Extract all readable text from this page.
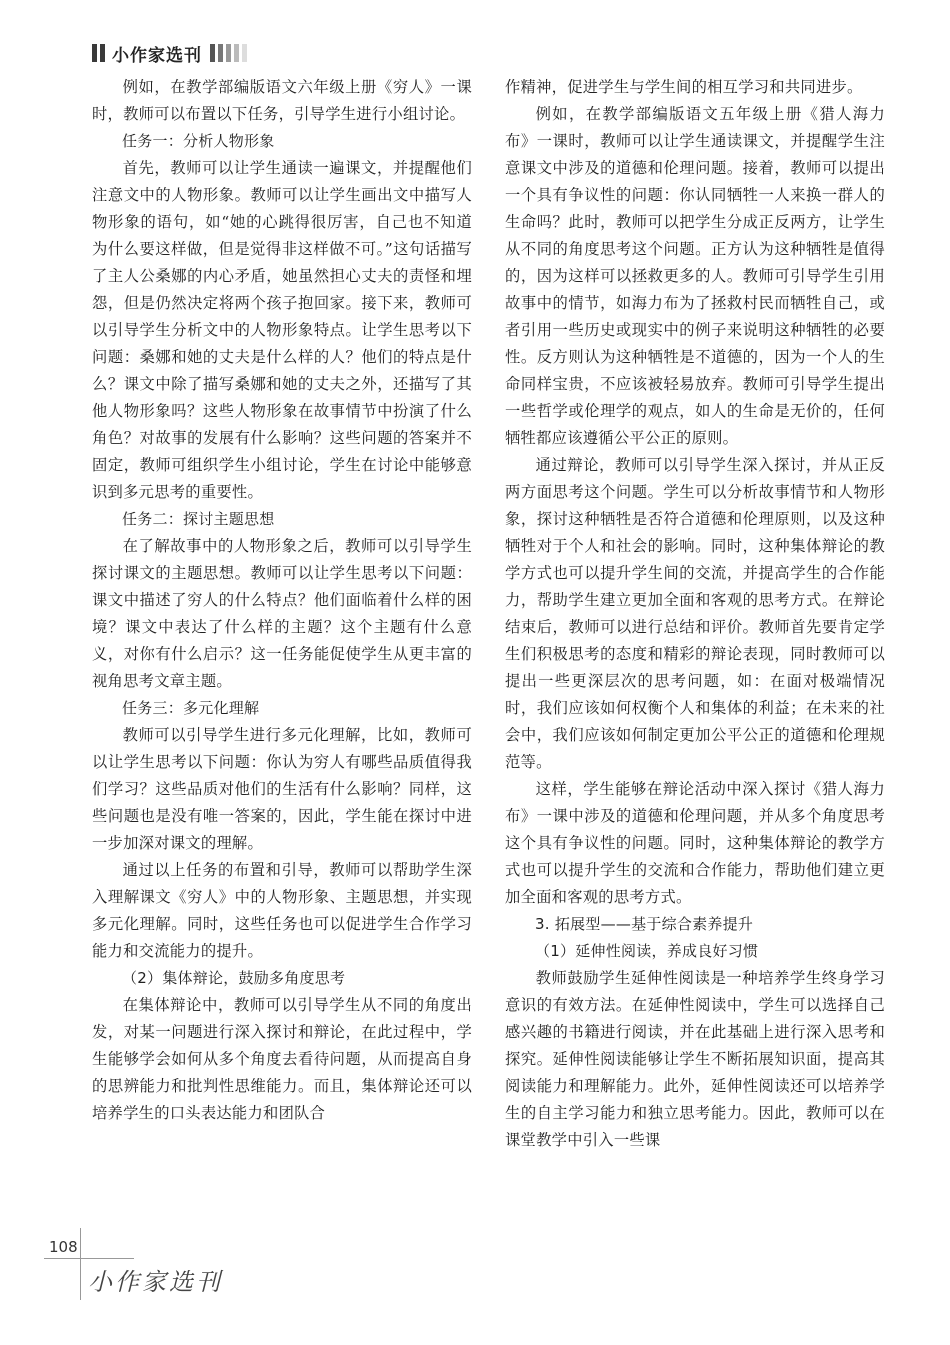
小作家选刊

例如，在教学部编版语文六年级上册《穷人》一课时，教师可以布置以下任务，引导学生进行小组讨论。

任务一：分析人物形象

首先，教师可以让学生通读一遍课文，并提醒他们注意文中的人物形象。教师可以让学生画出文中描写人物形象的语句，如“她的心跳得很厉害，自己也不知道为什么要这样做，但是觉得非这样做不可。”这句话描写了主人公桑娜的内心矛盾，她虽然担心丈夫的责怪和埋怨，但是仍然决定将两个孩子抱回家。接下来，教师可以引导学生分析文中的人物形象特点。让学生思考以下问题：桑娜和她的丈夫是什么样的人？他们的特点是什么？课文中除了描写桑娜和她的丈夫之外，还描写了其他人物形象吗？这些人物形象在故事情节中扮演了什么角色？对故事的发展有什么影响？这些问题的答案并不固定，教师可组织学生小组讨论，学生在讨论中能够意识到多元思考的重要性。

任务二：探讨主题思想

在了解故事中的人物形象之后，教师可以引导学生探讨课文的主题思想。教师可以让学生思考以下问题：课文中描述了穷人的什么特点？他们面临着什么样的困境？课文中表达了什么样的主题？这个主题有什么意义，对你有什么启示？这一任务能促使学生从更丰富的视角思考文章主题。

任务三：多元化理解

教师可以引导学生进行多元化理解，比如，教师可以让学生思考以下问题：你认为穷人有哪些品质值得我们学习？这些品质对他们的生活有什么影响？同样，这些问题也是没有唯一答案的，因此，学生能在探讨中进一步加深对课文的理解。

通过以上任务的布置和引导，教师可以帮助学生深入理解课文《穷人》中的人物形象、主题思想，并实现多元化理解。同时，这些任务也可以促进学生合作学习能力和交流能力的提升。

（2）集体辩论，鼓励多角度思考

在集体辩论中，教师可以引导学生从不同的角度出发，对某一问题进行深入探讨和辩论，在此过程中，学生能够学会如何从多个角度去看待问题，从而提高自身的思辨能力和批判性思维能力。而且，集体辩论还可以培养学生的口头表达能力和团队合

作精神，促进学生与学生间的相互学习和共同进步。

例如，在教学部编版语文五年级上册《猎人海力布》一课时，教师可以让学生通读课文，并提醒学生注意课文中涉及的道德和伦理问题。接着，教师可以提出一个具有争议性的问题：你认同牺牲一人来换一群人的生命吗？此时，教师可以把学生分成正反两方，让学生从不同的角度思考这个问题。正方认为这种牺牲是值得的，因为这样可以拯救更多的人。教师可引导学生引用故事中的情节，如海力布为了拯救村民而牺牲自己，或者引用一些历史或现实中的例子来说明这种牺牲的必要性。反方则认为这种牺牲是不道德的，因为一个人的生命同样宝贵，不应该被轻易放弃。教师可引导学生提出一些哲学或伦理学的观点，如人的生命是无价的，任何牺牲都应该遵循公平公正的原则。

通过辩论，教师可以引导学生深入探讨，并从正反两方面思考这个问题。学生可以分析故事情节和人物形象，探讨这种牺牲是否符合道德和伦理原则，以及这种牺牲对于个人和社会的影响。同时，这种集体辩论的教学方式也可以提升学生间的交流，并提高学生的合作能力，帮助学生建立更加全面和客观的思考方式。在辩论结束后，教师可以进行总结和评价。教师首先要肯定学生们积极思考的态度和精彩的辩论表现，同时教师可以提出一些更深层次的思考问题，如：在面对极端情况时，我们应该如何权衡个人和集体的利益；在未来的社会中，我们应该如何制定更加公平公正的道德和伦理规范等。

这样，学生能够在辩论活动中深入探讨《猎人海力布》一课中涉及的道德和伦理问题，并从多个角度思考这个具有争议性的问题。同时，这种集体辩论的教学方式也可以提升学生的交流和合作能力，帮助他们建立更加全面和客观的思考方式。

3. 拓展型——基于综合素养提升

（1）延伸性阅读，养成良好习惯

教师鼓励学生延伸性阅读是一种培养学生终身学习意识的有效方法。在延伸性阅读中，学生可以选择自己感兴趣的书籍进行阅读，并在此基础上进行深入思考和探究。延伸性阅读能够让学生不断拓展知识面，提高其阅读能力和理解能力。此外，延伸性阅读还可以培养学生的自主学习能力和独立思考能力。因此，教师可以在课堂教学中引入一些课

108
小作家选刊
